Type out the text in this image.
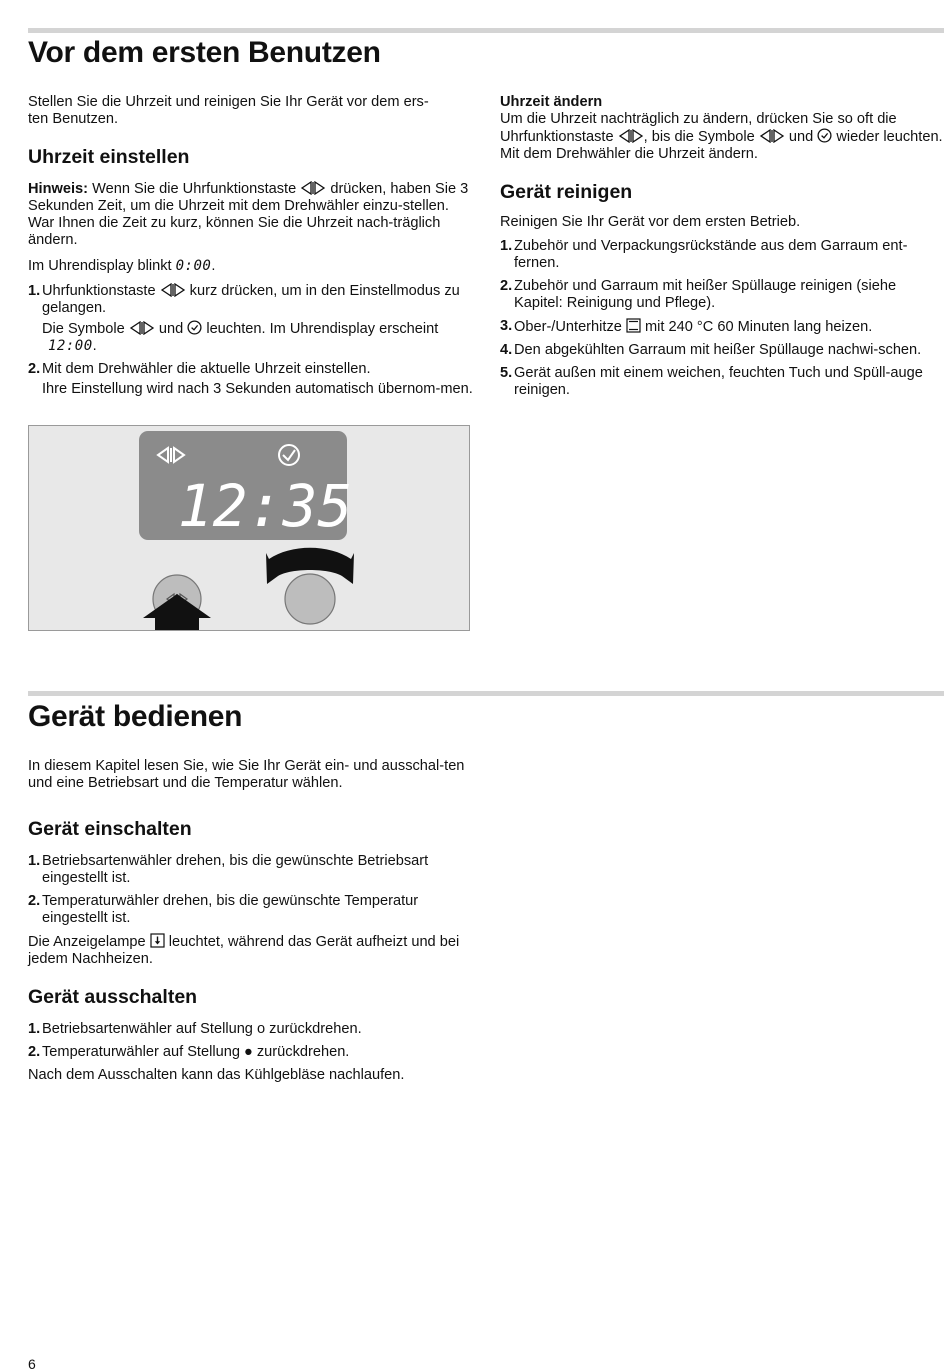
Vor dem ersten Benutzen

Stellen Sie die Uhrzeit und reinigen Sie Ihr Gerät vor dem ers-
ten Benutzen.

Uhrzeit einstellen

Hinweis: Wenn Sie die Uhrfunktionstaste  drücken, haben Sie 3 Sekunden Zeit, um die Uhrzeit mit dem Drehwähler einzu-stellen. War Ihnen die Zeit zu kurz, können Sie die Uhrzeit nach-träglich ändern.

Im Uhrendisplay blinkt 0:00.

1. Uhrfunktionstaste  kurz drücken, um in den Einstellmodus zu gelangen.
Die Symbole  und  leuchten. Im Uhrendisplay erscheint
12:00.
2. Mit dem Drehwähler die aktuelle Uhrzeit einstellen.
Ihre Einstellung wird nach 3 Sekunden automatisch übernom-men.
12:35

Uhrzeit ändern

Um die Uhrzeit nachträglich zu ändern, drücken Sie so oft die Uhrfunktionstaste , bis die Symbole  und  wieder leuchten. Mit dem Drehwähler die Uhrzeit ändern.

Gerät reinigen

Reinigen Sie Ihr Gerät vor dem ersten Betrieb.

1. Zubehör und Verpackungsrückstände aus dem Garraum ent-fernen.
2. Zubehör und Garraum mit heißer Spüllauge reinigen (siehe Kapitel: Reinigung und Pflege).
3. Ober-/Unterhitze  mit 240 °C 60 Minuten lang heizen.
4. Den abgekühlten Garraum mit heißer Spüllauge nachwi-schen.
5. Gerät außen mit einem weichen, feuchten Tuch und Spüll-auge reinigen.
Gerät bedienen

In diesem Kapitel lesen Sie, wie Sie Ihr Gerät ein- und ausschal-ten und eine Betriebsart und die Temperatur wählen.

Gerät einschalten
1. Betriebsartenwähler drehen, bis die gewünschte Betriebsart eingestellt ist.
2. Temperaturwähler drehen, bis die gewünschte Temperatur eingestellt ist.

Die Anzeigelampe  leuchtet, während das Gerät aufheizt und bei jedem Nachheizen.

Gerät ausschalten
1. Betriebsartenwähler auf Stellung o zurückdrehen.
2. Temperaturwähler auf Stellung ● zurückdrehen.

Nach dem Ausschalten kann das Kühlgebläse nachlaufen.

6
